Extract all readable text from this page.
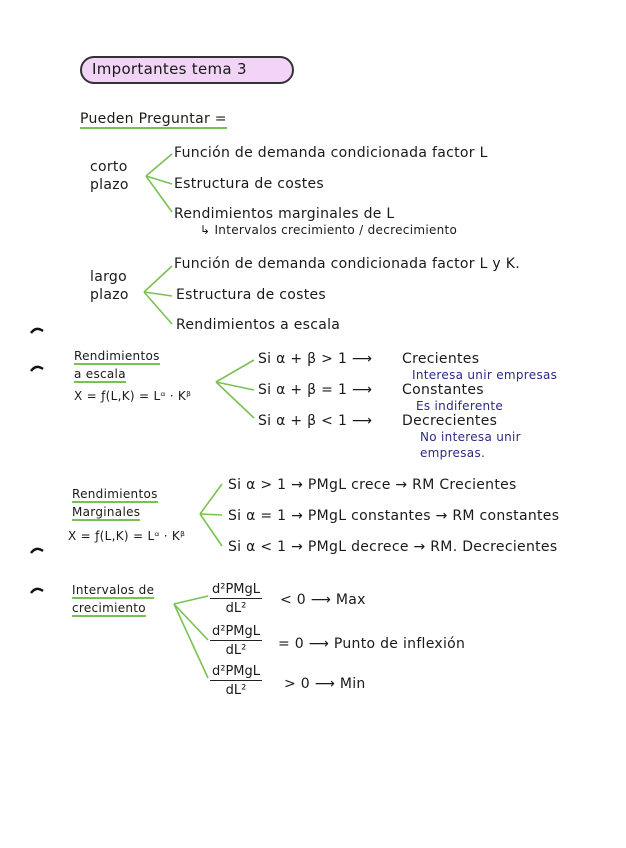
Importantes tema 3
Pueden Preguntar =
corto
plazo
Función de demanda condicionada factor L
Estructura de costes
Rendimientos marginales de L
↳ Intervalos crecimiento / decrecimiento
largo
plazo
Función de demanda condicionada factor L y K.
Estructura de costes
Rendimientos a escala
Rendimientos
a escala
X = ƒ(L,K) = Lᵅ · Kᵝ
Si α + β > 1 ⟶ Crecientes
Interesa unir empresas
Si α + β = 1 ⟶ Constantes
Es indiferente
Si α + β < 1 ⟶ Decrecientes
No interesa unir
empresas.
Rendimientos
Marginales
X = ƒ(L,K) = Lᵅ · Kᵝ
Si α > 1 → PMgL crece → RM Crecientes
Si α = 1 → PMgL constantes → RM constantes
Si α < 1 → PMgL decrece → RM. Decrecientes
Intervalos de
crecimiento
d²PMgL
dL²
< 0 ⟶ Max
d²PMgL
dL²	= 0 ⟶ Punto de inflexión
d²PMgL
dL²	> 0 ⟶ Min
